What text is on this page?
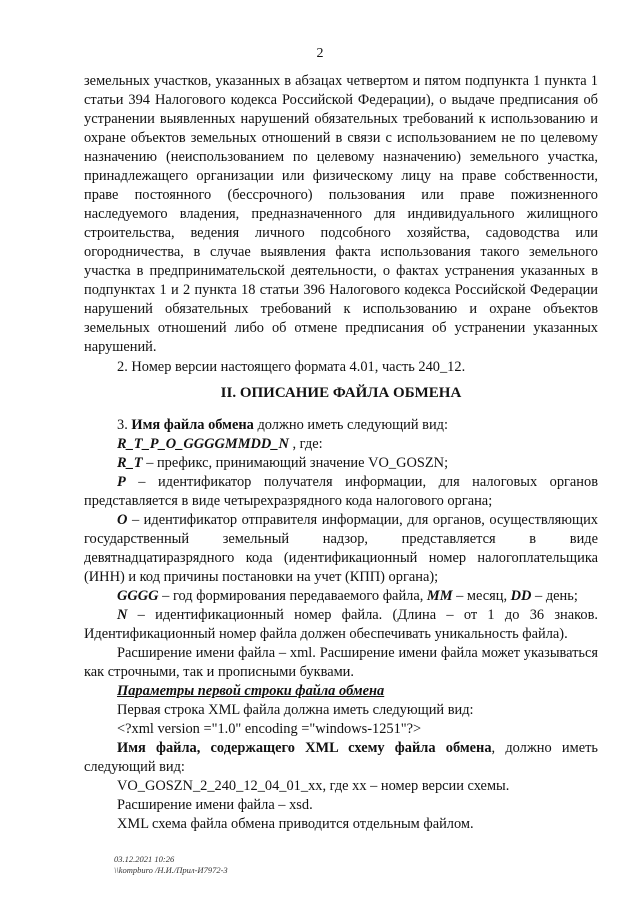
2

земельных участков, указанных в абзацах четвертом и пятом подпункта 1 пункта 1 статьи 394 Налогового кодекса Российской Федерации), о выдаче предписания об устранении выявленных нарушений обязательных требований к использованию и охране объектов земельных отношений в связи с использованием не по целевому назначению (неиспользованием по целевому назначению) земельного участка, принадлежащего организации или физическому лицу на праве собственности, праве постоянного (бессрочного) пользования или праве пожизненного наследуемого владения, предназначенного для индивидуального жилищного строительства, ведения личного подсобного хозяйства, садоводства или огородничества, в случае выявления факта использования такого земельного участка в предпринимательской деятельности, о фактах устранения указанных в подпунктах 1 и 2 пункта 18 статьи 396 Налогового кодекса Российской Федерации нарушений обязательных требований к использованию и охране объектов земельных отношений либо об отмене предписания об устранении указанных нарушений.

2. Номер версии настоящего формата 4.01, часть 240_12.

II. ОПИСАНИЕ ФАЙЛА ОБМЕНА

3. Имя файла обмена должно иметь следующий вид:

R_T_P_O_GGGGMMDD_N , где:

R_T – префикс, принимающий значение VO_GOSZN;

P – идентификатор получателя информации, для налоговых органов представляется в виде четырехразрядного кода налогового органа;

O – идентификатор отправителя информации, для органов, осуществляющих государственный земельный надзор, представляется в виде девятнадцатиразрядного кода (идентификационный номер налогоплательщика (ИНН) и код причины постановки на учет (КПП) органа);

GGGG – год формирования передаваемого файла, MM – месяц, DD – день;

N – идентификационный номер файла. (Длина – от 1 до 36 знаков. Идентификационный номер файла должен обеспечивать уникальность файла).

Расширение имени файла – xml. Расширение имени файла может указываться как строчными, так и прописными буквами.

Параметры первой строки файла обмена

Первая строка XML файла должна иметь следующий вид:

<?xml version ="1.0" encoding ="windows-1251"?>

Имя файла, содержащего XML схему файла обмена, должно иметь следующий вид:

VO_GOSZN_2_240_12_04_01_xx, где хх – номер версии схемы.

Расширение имени файла – xsd.

XML схема файла обмена приводится отдельным файлом.

03.12.2021 10:26
\\kompburo /Н.И./Прил-И7972-3
